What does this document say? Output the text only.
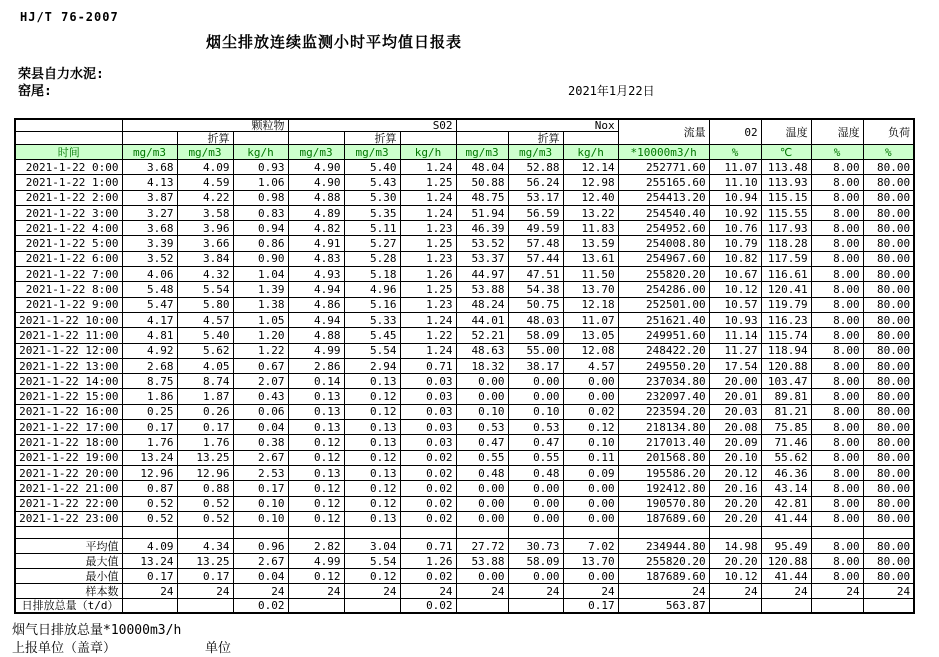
HJ/T 76-2007
烟尘排放连续监测小时平均值日报表
荣县自力水泥:
窑尾:	2021年1月22日
	颗粒物			S02			Nox			流量	02	温度	湿度	负荷
		折算			折算			折算						
时间	mg/m3	mg/m3	kg/h	mg/m3	mg/m3	kg/h	mg/m3	mg/m3	kg/h	*10000m3/h	%	℃	%	%
2021-1-22 0:00	3.68	4.09	0.93	4.90	5.40	1.24	48.04	52.88	12.14	252771.60	11.07	113.48	8.00	80.00
2021-1-22 1:00	4.13	4.59	1.06	4.90	5.43	1.25	50.88	56.24	12.98	255165.60	11.10	113.93	8.00	80.00
2021-1-22 2:00	3.87	4.22	0.98	4.88	5.30	1.24	48.75	53.17	12.40	254413.20	10.94	115.15	8.00	80.00
2021-1-22 3:00	3.27	3.58	0.83	4.89	5.35	1.24	51.94	56.59	13.22	254540.40	10.92	115.55	8.00	80.00
2021-1-22 4:00	3.68	3.96	0.94	4.82	5.11	1.23	46.39	49.59	11.83	254952.60	10.76	117.93	8.00	80.00
2021-1-22 5:00	3.39	3.66	0.86	4.91	5.27	1.25	53.52	57.48	13.59	254008.80	10.79	118.28	8.00	80.00
2021-1-22 6:00	3.52	3.84	0.90	4.83	5.28	1.23	53.37	57.44	13.61	254967.60	10.82	117.59	8.00	80.00
2021-1-22 7:00	4.06	4.32	1.04	4.93	5.18	1.26	44.97	47.51	11.50	255820.20	10.67	116.61	8.00	80.00
2021-1-22 8:00	5.48	5.54	1.39	4.94	4.96	1.25	53.88	54.38	13.70	254286.00	10.12	120.41	8.00	80.00
2021-1-22 9:00	5.47	5.80	1.38	4.86	5.16	1.23	48.24	50.75	12.18	252501.00	10.57	119.79	8.00	80.00
2021-1-22 10:00	4.17	4.57	1.05	4.94	5.33	1.24	44.01	48.03	11.07	251621.40	10.93	116.23	8.00	80.00
2021-1-22 11:00	4.81	5.40	1.20	4.88	5.45	1.22	52.21	58.09	13.05	249951.60	11.14	115.74	8.00	80.00
2021-1-22 12:00	4.92	5.62	1.22	4.99	5.54	1.24	48.63	55.00	12.08	248422.20	11.27	118.94	8.00	80.00
2021-1-22 13:00	2.68	4.05	0.67	2.86	2.94	0.71	18.32	38.17	4.57	249550.20	17.54	120.88	8.00	80.00
2021-1-22 14:00	8.75	8.74	2.07	0.14	0.13	0.03	0.00	0.00	0.00	237034.80	20.00	103.47	8.00	80.00
2021-1-22 15:00	1.86	1.87	0.43	0.13	0.12	0.03	0.00	0.00	0.00	232097.40	20.01	89.81	8.00	80.00
2021-1-22 16:00	0.25	0.26	0.06	0.13	0.12	0.03	0.10	0.10	0.02	223594.20	20.03	81.21	8.00	80.00
2021-1-22 17:00	0.17	0.17	0.04	0.13	0.13	0.03	0.53	0.53	0.12	218134.80	20.08	75.85	8.00	80.00
2021-1-22 18:00	1.76	1.76	0.38	0.12	0.13	0.03	0.47	0.47	0.10	217013.40	20.09	71.46	8.00	80.00
2021-1-22 19:00	13.24	13.25	2.67	0.12	0.12	0.02	0.55	0.55	0.11	201568.80	20.10	55.62	8.00	80.00
2021-1-22 20:00	12.96	12.96	2.53	0.13	0.13	0.02	0.48	0.48	0.09	195586.20	20.12	46.36	8.00	80.00
2021-1-22 21:00	0.87	0.88	0.17	0.12	0.12	0.02	0.00	0.00	0.00	192412.80	20.16	43.14	8.00	80.00
2021-1-22 22:00	0.52	0.52	0.10	0.12	0.12	0.02	0.00	0.00	0.00	190570.80	20.20	42.81	8.00	80.00
2021-1-22 23:00	0.52	0.52	0.10	0.12	0.13	0.02	0.00	0.00	0.00	187689.60	20.20	41.44	8.00	80.00

平均值	4.09	4.34	0.96	2.82	3.04	0.71	27.72	30.73	7.02	234944.80	14.98	95.49	8.00	80.00
最大值	13.24	13.25	2.67	4.99	5.54	1.26	53.88	58.09	13.70	255820.20	20.20	120.88	8.00	80.00
最小值	0.17	0.17	0.04	0.12	0.12	0.02	0.00	0.00	0.00	187689.60	10.12	41.44	8.00	80.00
样本数	24	24	24	24	24	24	24	24	24	24	24	24	24	24
日排放总量（t/d）			0.02			0.02			0.17	563.87				
烟气日排放总量*10000m3/h
上报单位（盖章）	单位
